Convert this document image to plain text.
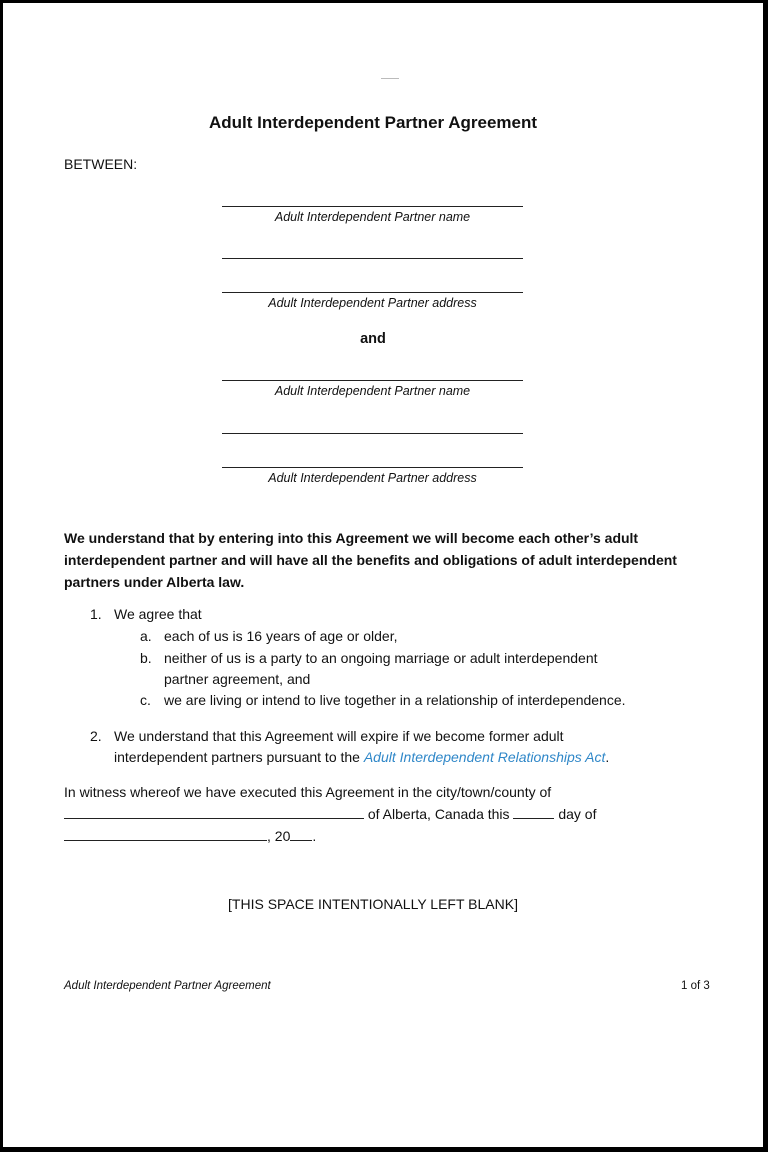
Adult Interdependent Partner Agreement
BETWEEN:
Adult Interdependent Partner name
Adult Interdependent Partner address
and
Adult Interdependent Partner name
Adult Interdependent Partner address
We understand that by entering into this Agreement we will become each other’s adult interdependent partner and will have all the benefits and obligations of adult interdependent partners under Alberta law.
1. We agree that
a. each of us is 16 years of age or older,
b. neither of us is a party to an ongoing marriage or adult interdependent
partner agreement, and
c. we are living or intend to live together in a relationship of interdependence.
2. We understand that this Agreement will expire if we become former adult
interdependent partners pursuant to the Adult Interdependent Relationships Act.
In witness whereof we have executed this Agreement in the city/town/county of
of Alberta, Canada this	day of
, 20 .
[THIS SPACE INTENTIONALLY LEFT BLANK]
Adult Interdependent Partner Agreement	1 of 3
